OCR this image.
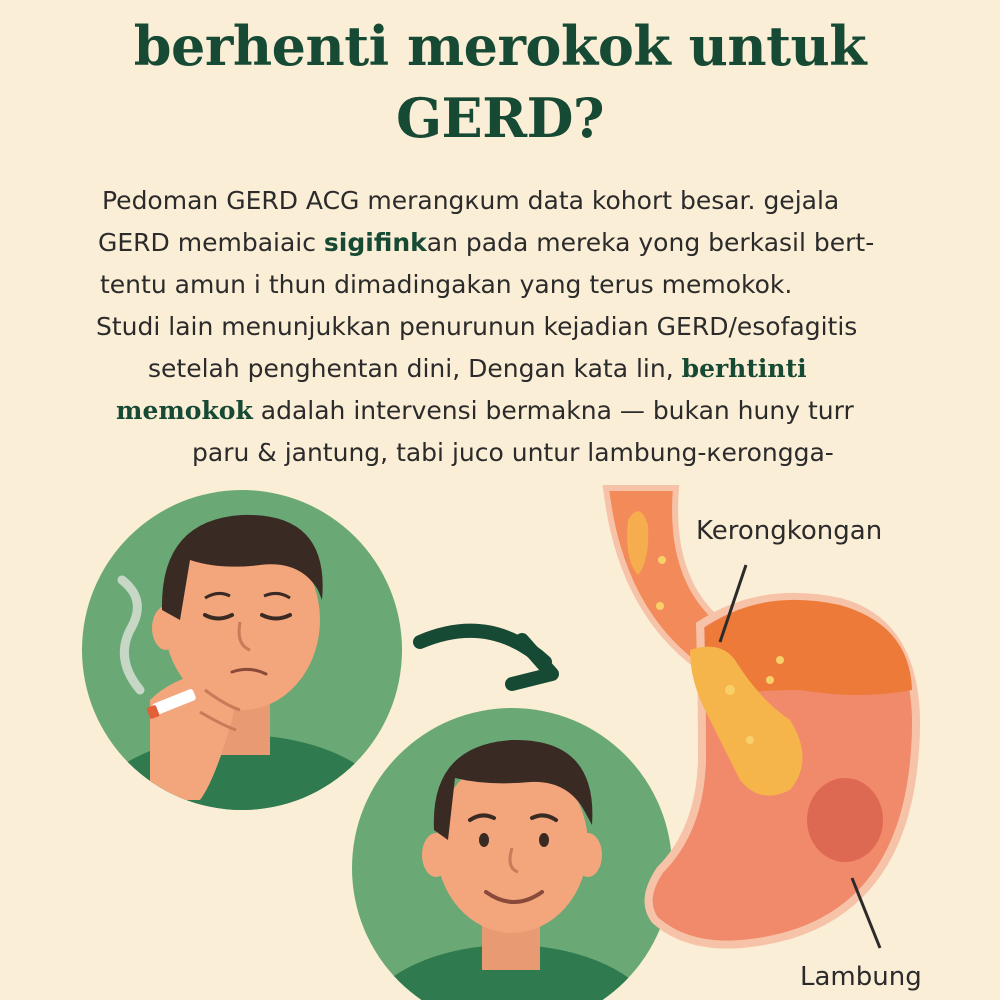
berhenti merokok untuk
GERD?
Pedoman GERD ACG merangкum data kohort besar. gejala
GERD membaiaic sigifinkan pada mereka yong berkasil bert-
tentu amun i thun dimadingakan yang terus memokok.
Studi lain menunjukkan penurunun kejadian GERD/esofagitis
setelah penghentan dini, Dengan kata lin, berhtinti
memokok adalah intervensi bermakna — bukan huny turr
paru & jantung, tabi juco untur lambung-кeronggа-
Kerongkongan
Lambung
